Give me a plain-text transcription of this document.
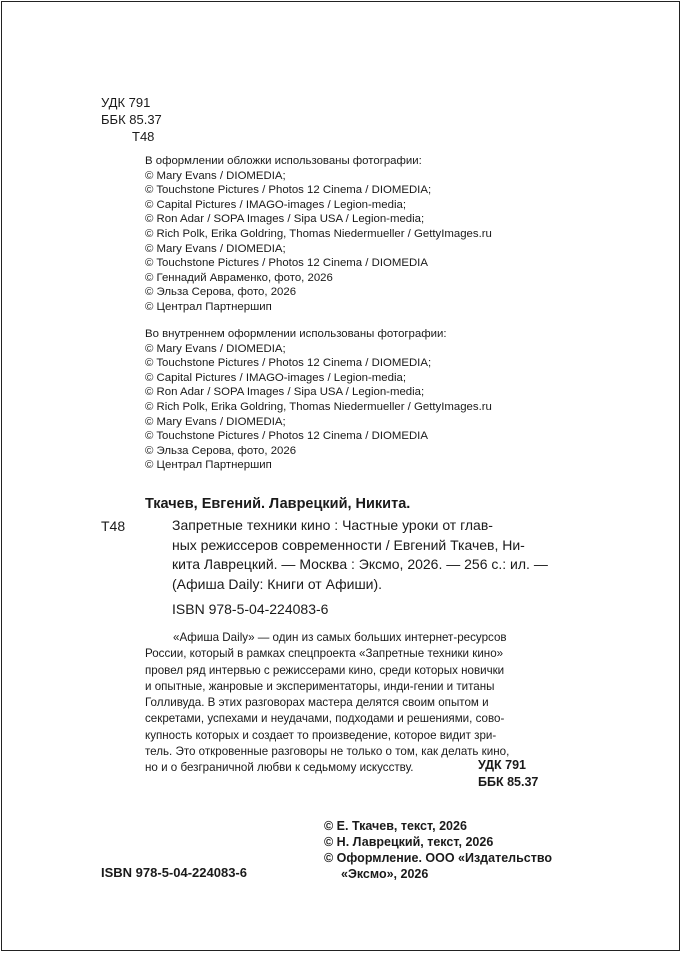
УДК 791
ББК 85.37
Т48
В оформлении обложки использованы фотографии:
© Mary Evans / DIOMEDIA;
© Touchstone Pictures / Photos 12 Cinema / DIOMEDIA;
© Capital Pictures / IMAGO-images / Legion-media;
© Ron Adar / SOPA Images / Sipa USA / Legion-media;
© Rich Polk, Erika Goldring, Thomas Niedermueller / GettyImages.ru
© Mary Evans / DIOMEDIA;
© Touchstone Pictures / Photos 12 Cinema / DIOMEDIA
© Геннадий Авраменко, фото, 2026
© Эльза Серова, фото, 2026
© Централ Партнершип
Во внутреннем оформлении использованы фотографии:
© Mary Evans / DIOMEDIA;
© Touchstone Pictures / Photos 12 Cinema / DIOMEDIA;
© Capital Pictures / IMAGO-images / Legion-media;
© Ron Adar / SOPA Images / Sipa USA / Legion-media;
© Rich Polk, Erika Goldring, Thomas Niedermueller / GettyImages.ru
© Mary Evans / DIOMEDIA;
© Touchstone Pictures / Photos 12 Cinema / DIOMEDIA
© Эльза Серова, фото, 2026
© Централ Партнершип
Ткачев, Евгений. Лаврецкий, Никита.
Т48	Запретные техники кино : Частные уроки от глав-
ных режиссеров современности / Евгений Ткачев, Ни-
кита Лаврецкий. — Москва : Эксмо, 2026. — 256 с.: ил. —
(Афиша Daily: Книги от Афиши).
ISBN 978-5-04-224083-6
«Афиша Daily» — один из самых больших интернет-ресурсов
России, который в рамках спецпроекта «Запретные техники кино»
провел ряд интервью с режиссерами кино, среди которых новички
и опытные, жанровые и экспериментаторы, инди-гении и титаны
Голливуда. В этих разговорах мастера делятся своим опытом и
секретами, успехами и неудачами, подходами и решениями, сово-
купность которых и создает то произведение, которое видит зри-
тель. Это откровенные разговоры не только о том, как делать кино,
но и о безграничной любви к седьмому искусству.	УДК 791
ББК 85.37
© Е. Ткачев, текст, 2026
© Н. Лаврецкий, текст, 2026
© Оформление. ООО «Издательство
«Эксмо», 2026
ISBN 978-5-04-224083-6
